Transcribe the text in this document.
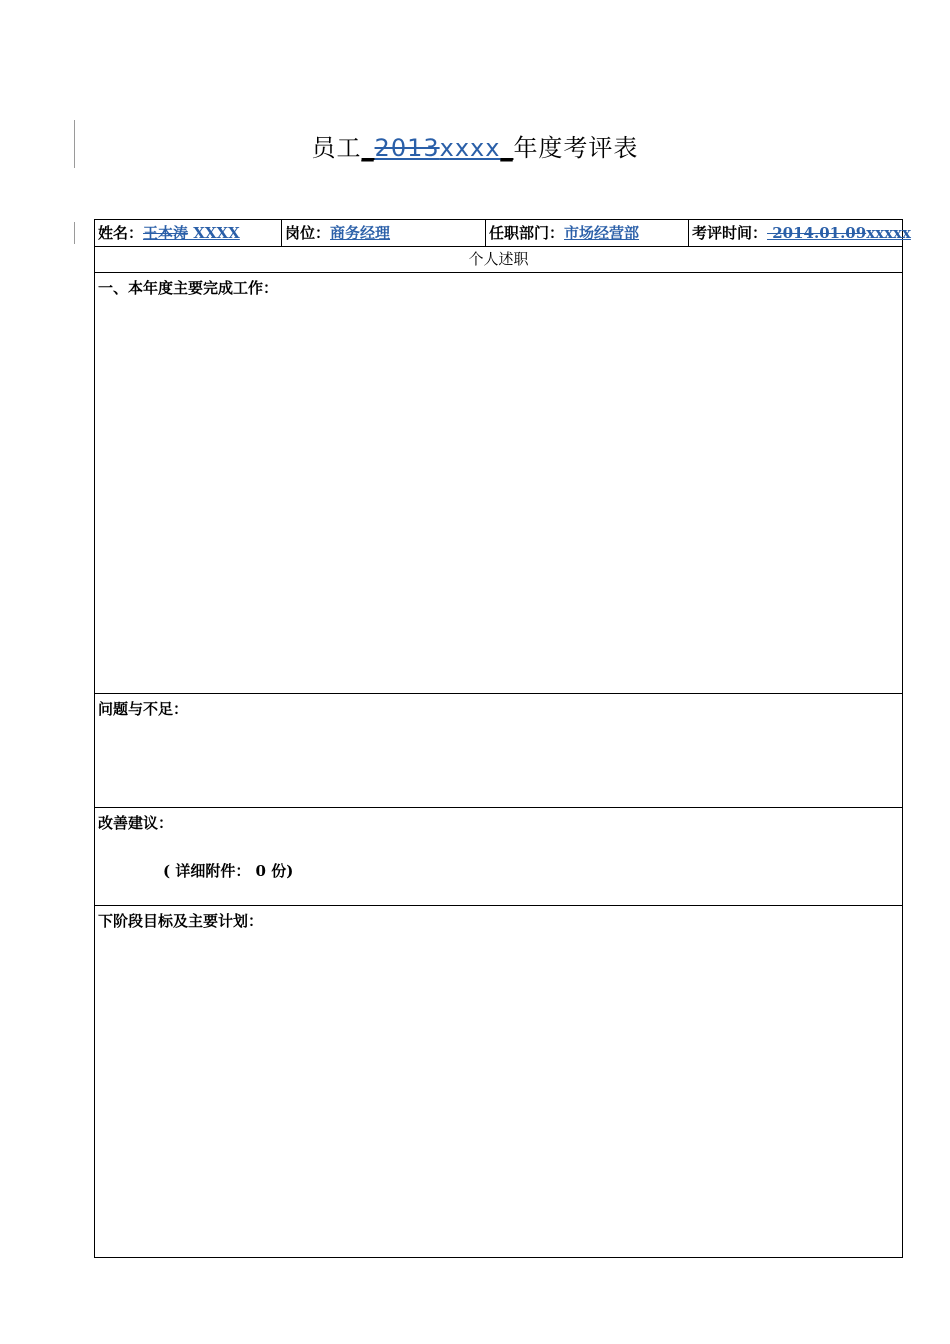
员工_2013xxxx_年度考评表
姓名：王本涛 XXXX	岗位：商务经理	任职部门：市场经营部	考评时间： 2014.01.09xxxxx
个人述职
一、本年度主要完成工作：
问题与不足：
改善建议：
( 详细附件： 0 份)
下阶段目标及主要计划：
